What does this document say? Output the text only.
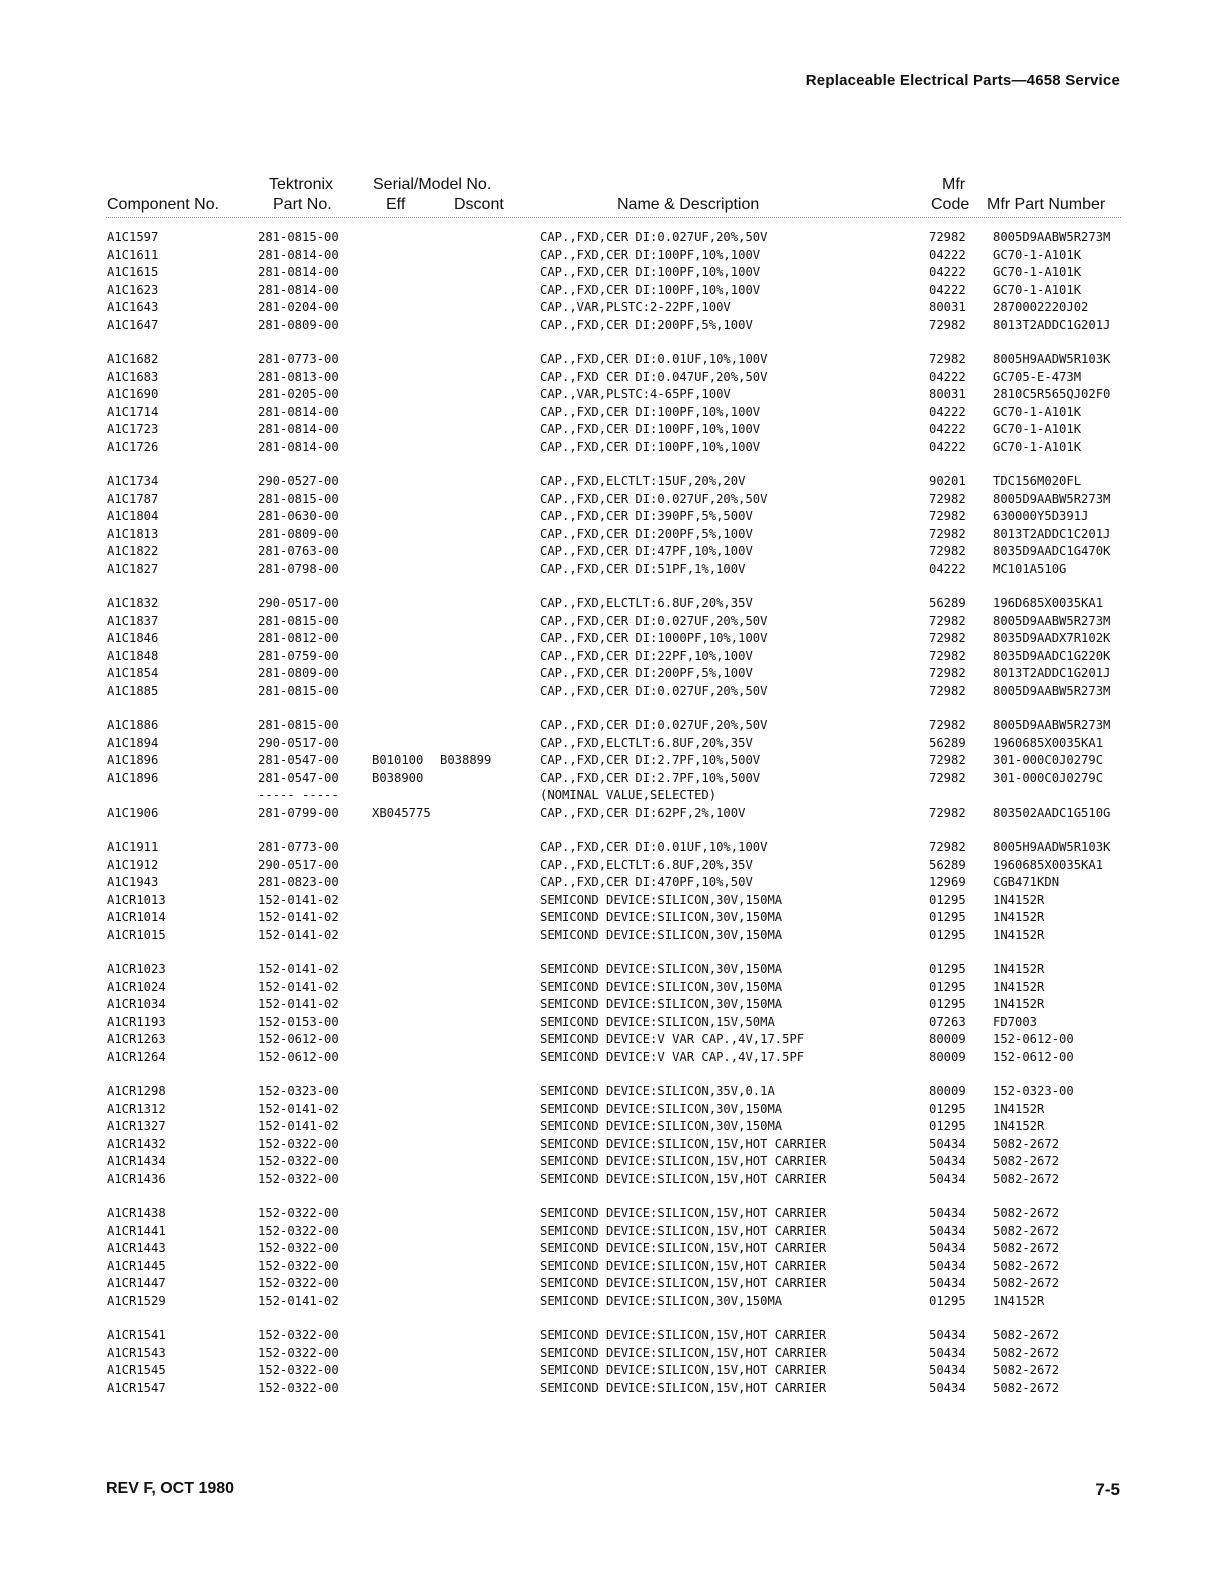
Replaceable Electrical Parts—4658 Service
Component No.
Tektronix
Part No.
Serial/Model No.
Eff	Dscont	Name & Description
Mfr
Code Mfr Part Number
A1C1597	281-0815-00	CAP.,FXD,CER DI:0.027UF,20%,50V	72982 8005D9AABW5R273M
A1C1611	281-0814-00	CAP.,FXD,CER DI:100PF,10%,100V	04222 GC70-1-A101K
A1C1615	281-0814-00	CAP.,FXD,CER DI:100PF,10%,100V	04222 GC70-1-A101K
A1C1623	281-0814-00	CAP.,FXD,CER DI:100PF,10%,100V	04222 GC70-1-A101K
A1C1643	281-0204-00	CAP.,VAR,PLSTC:2-22PF,100V	80031 2870002220J02
A1C1647	281-0809-00	CAP.,FXD,CER DI:200PF,5%,100V	72982 8013T2ADDC1G201J
A1C1682	281-0773-00	CAP.,FXD,CER DI:0.01UF,10%,100V	72982 8005H9AADW5R103K
A1C1683	281-0813-00	CAP.,FXD CER DI:0.047UF,20%,50V	04222 GC705-E-473M
A1C1690	281-0205-00	CAP.,VAR,PLSTC:4-65PF,100V	80031 2810C5R565QJ02F0
A1C1714	281-0814-00	CAP.,FXD,CER DI:100PF,10%,100V	04222 GC70-1-A101K
A1C1723	281-0814-00	CAP.,FXD,CER DI:100PF,10%,100V	04222 GC70-1-A101K
A1C1726	281-0814-00	CAP.,FXD,CER DI:100PF,10%,100V	04222 GC70-1-A101K
A1C1734	290-0527-00	CAP.,FXD,ELCTLT:15UF,20%,20V	90201 TDC156M020FL
A1C1787	281-0815-00	CAP.,FXD,CER DI:0.027UF,20%,50V	72982 8005D9AABW5R273M
A1C1804	281-0630-00	CAP.,FXD,CER DI:390PF,5%,500V	72982 630000Y5D391J
A1C1813	281-0809-00	CAP.,FXD,CER DI:200PF,5%,100V	72982 8013T2ADDC1C201J
A1C1822	281-0763-00	CAP.,FXD,CER DI:47PF,10%,100V	72982 8035D9AADC1G470K
A1C1827	281-0798-00	CAP.,FXD,CER DI:51PF,1%,100V	04222 MC101A510G
A1C1832	290-0517-00	CAP.,FXD,ELCTLT:6.8UF,20%,35V	56289 196D685X0035KA1
A1C1837	281-0815-00	CAP.,FXD,CER DI:0.027UF,20%,50V	72982 8005D9AABW5R273M
A1C1846	281-0812-00	CAP.,FXD,CER DI:1000PF,10%,100V	72982 8035D9AADX7R102K
A1C1848	281-0759-00	CAP.,FXD,CER DI:22PF,10%,100V	72982 8035D9AADC1G220K
A1C1854	281-0809-00	CAP.,FXD,CER DI:200PF,5%,100V	72982 8013T2ADDC1G201J
A1C1885	281-0815-00	CAP.,FXD,CER DI:0.027UF,20%,50V	72982 8005D9AABW5R273M
A1C1886	281-0815-00	CAP.,FXD,CER DI:0.027UF,20%,50V	72982 8005D9AABW5R273M
A1C1894	290-0517-00	CAP.,FXD,ELCTLT:6.8UF,20%,35V	56289 1960685X0035KA1
A1C1896	281-0547-00	B010100 B038899	CAP.,FXD,CER DI:2.7PF,10%,500V	72982 301-000C0J0279C
A1C1896	281-0547-00	B038900	CAP.,FXD,CER DI:2.7PF,10%,500V	72982 301-000C0J0279C
----- -----	(NOMINAL VALUE,SELECTED)
A1C1906	281-0799-00	XB045775	CAP.,FXD,CER DI:62PF,2%,100V	72982 803502AADC1G510G
A1C1911	281-0773-00	CAP.,FXD,CER DI:0.01UF,10%,100V	72982 8005H9AADW5R103K
A1C1912	290-0517-00	CAP.,FXD,ELCTLT:6.8UF,20%,35V	56289 1960685X0035KA1
A1C1943	281-0823-00	CAP.,FXD,CER DI:470PF,10%,50V	12969 CGB471KDN
A1CR1013	152-0141-02	SEMICOND DEVICE:SILICON,30V,150MA	01295 1N4152R
A1CR1014	152-0141-02	SEMICOND DEVICE:SILICON,30V,150MA	01295 1N4152R
A1CR1015	152-0141-02	SEMICOND DEVICE:SILICON,30V,150MA	01295 1N4152R
A1CR1023	152-0141-02	SEMICOND DEVICE:SILICON,30V,150MA	01295 1N4152R
A1CR1024	152-0141-02	SEMICOND DEVICE:SILICON,30V,150MA	01295 1N4152R
A1CR1034	152-0141-02	SEMICOND DEVICE:SILICON,30V,150MA	01295 1N4152R
A1CR1193	152-0153-00	SEMICOND DEVICE:SILICON,15V,50MA	07263 FD7003
A1CR1263	152-0612-00	SEMICOND DEVICE:V VAR CAP.,4V,17.5PF	80009 152-0612-00
A1CR1264	152-0612-00	SEMICOND DEVICE:V VAR CAP.,4V,17.5PF	80009 152-0612-00
A1CR1298	152-0323-00	SEMICOND DEVICE:SILICON,35V,0.1A	80009 152-0323-00
A1CR1312	152-0141-02	SEMICOND DEVICE:SILICON,30V,150MA	01295 1N4152R
A1CR1327	152-0141-02	SEMICOND DEVICE:SILICON,30V,150MA	01295 1N4152R
A1CR1432	152-0322-00	SEMICOND DEVICE:SILICON,15V,HOT CARRIER	50434 5082-2672
A1CR1434	152-0322-00	SEMICOND DEVICE:SILICON,15V,HOT CARRIER	50434 5082-2672
A1CR1436	152-0322-00	SEMICOND DEVICE:SILICON,15V,HOT CARRIER	50434 5082-2672
A1CR1438	152-0322-00	SEMICOND DEVICE:SILICON,15V,HOT CARRIER	50434 5082-2672
A1CR1441	152-0322-00	SEMICOND DEVICE:SILICON,15V,HOT CARRIER	50434 5082-2672
A1CR1443	152-0322-00	SEMICOND DEVICE:SILICON,15V,HOT CARRIER	50434 5082-2672
A1CR1445	152-0322-00	SEMICOND DEVICE:SILICON,15V,HOT CARRIER	50434 5082-2672
A1CR1447	152-0322-00	SEMICOND DEVICE:SILICON,15V,HOT CARRIER	50434 5082-2672
A1CR1529	152-0141-02	SEMICOND DEVICE:SILICON,30V,150MA	01295 1N4152R
A1CR1541	152-0322-00	SEMICOND DEVICE:SILICON,15V,HOT CARRIER	50434 5082-2672
A1CR1543	152-0322-00	SEMICOND DEVICE:SILICON,15V,HOT CARRIER	50434 5082-2672
A1CR1545	152-0322-00	SEMICOND DEVICE:SILICON,15V,HOT CARRIER	50434 5082-2672
A1CR1547	152-0322-00	SEMICOND DEVICE:SILICON,15V,HOT CARRIER	50434 5082-2672
REV F, OCT 1980	7-5
